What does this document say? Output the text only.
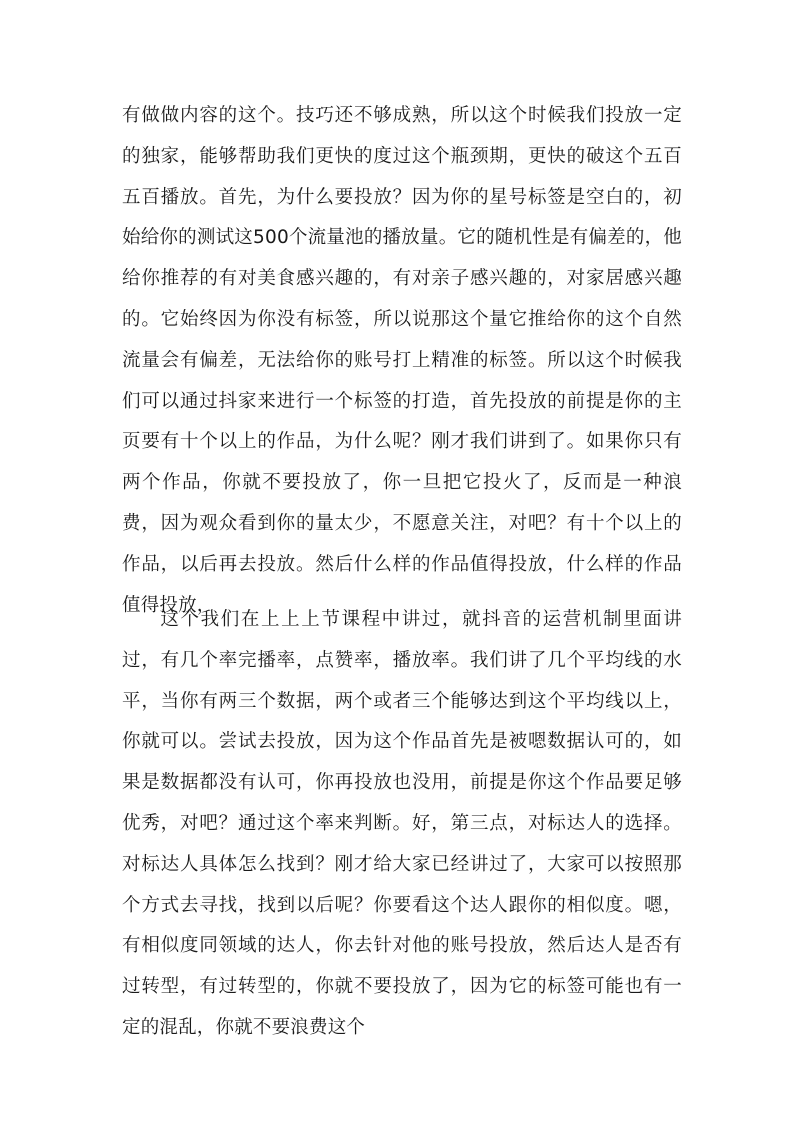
有做做内容的这个。技巧还不够成熟，所以这个时候我们投放一定的独家，能够帮助我们更快的度过这个瓶颈期，更快的破这个五百五百播放。首先，为什么要投放？因为你的星号标签是空白的，初始给你的测试这500个流量池的播放量。它的随机性是有偏差的，他给你推荐的有对美食感兴趣的，有对亲子感兴趣的，对家居感兴趣的。它始终因为你没有标签，所以说那这个量它推给你的这个自然流量会有偏差，无法给你的账号打上精准的标签。所以这个时候我们可以通过抖家来进行一个标签的打造，首先投放的前提是你的主页要有十个以上的作品，为什么呢？刚才我们讲到了。如果你只有两个作品，你就不要投放了，你一旦把它投火了，反而是一种浪费，因为观众看到你的量太少，不愿意关注，对吧？有十个以上的作品，以后再去投放。然后什么样的作品值得投放，什么样的作品值得投放，
这个我们在上上上节课程中讲过，就抖音的运营机制里面讲过，有几个率完播率，点赞率，播放率。我们讲了几个平均线的水平，当你有两三个数据，两个或者三个能够达到这个平均线以上，你就可以。尝试去投放，因为这个作品首先是被嗯数据认可的，如果是数据都没有认可，你再投放也没用，前提是你这个作品要足够优秀，对吧？通过这个率来判断。好，第三点，对标达人的选择。对标达人具体怎么找到？刚才给大家已经讲过了，大家可以按照那个方式去寻找，找到以后呢？你要看这个达人跟你的相似度。嗯，有相似度同领域的达人，你去针对他的账号投放，然后达人是否有过转型，有过转型的，你就不要投放了，因为它的标签可能也有一定的混乱，你就不要浪费这个
